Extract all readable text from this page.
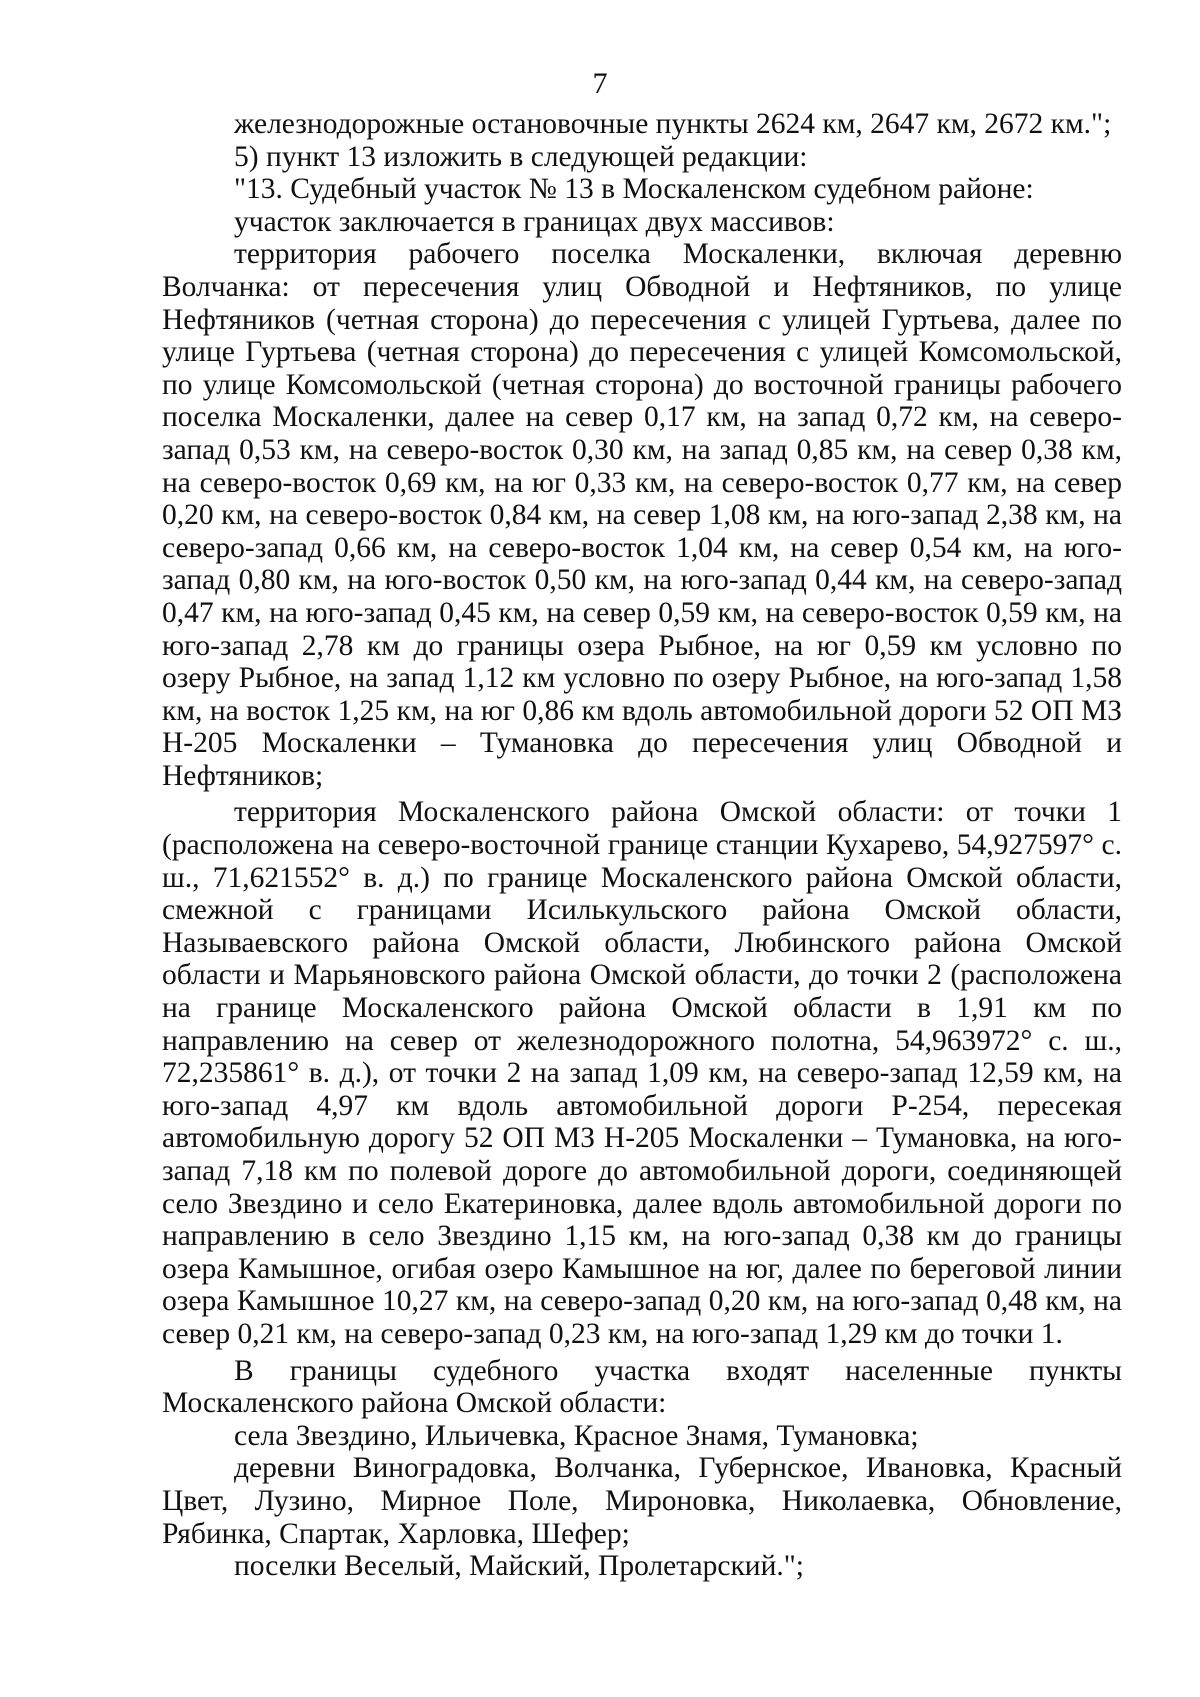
7

железнодорожные остановочные пункты 2624 км, 2647 км, 2672 км.";

5) пункт 13 изложить в следующей редакции:

"13. Судебный участок № 13 в Москаленском судебном районе:

участок заключается в границах двух массивов:

территория рабочего поселка Москаленки, включая деревню Волчанка: от пересечения улиц Обводной и Нефтяников, по улице Нефтяников (четная сторона) до пересечения с улицей Гуртьева, далее по улице Гуртьева (четная сторона) до пересечения с улицей Комсомольской, по улице Комсомольской (четная сторона) до восточной границы рабочего поселка Москаленки, далее на север 0,17 км, на запад 0,72 км, на северо-запад 0,53 км, на северо-восток 0,30 км, на запад 0,85 км, на север 0,38 км, на северо-восток 0,69 км, на юг 0,33 км, на северо-восток 0,77 км, на север 0,20 км, на северо-восток 0,84 км, на север 1,08 км, на юго-запад 2,38 км, на северо-запад 0,66 км, на северо-восток 1,04 км, на север 0,54 км, на юго-запад 0,80 км, на юго-восток 0,50 км, на юго-запад 0,44 км, на северо-запад 0,47 км, на юго-запад 0,45 км, на север 0,59 км, на северо-восток 0,59 км, на юго-запад 2,78 км до границы озера Рыбное, на юг 0,59 км условно по озеру Рыбное, на запад 1,12 км условно по озеру Рыбное, на юго-запад 1,58 км, на восток 1,25 км, на юг 0,86 км вдоль автомобильной дороги 52 ОП МЗ Н-205 Москаленки – Тумановка до пересечения улиц Обводной и Нефтяников;

территория Москаленского района Омской области: от точки 1 (расположена на северо-восточной границе станции Кухарево, 54,927597° с. ш., 71,621552° в. д.) по границе Москаленского района Омской области, смежной с границами Исилькульского района Омской области, Называевского района Омской области, Любинского района Омской области и Марьяновского района Омской области, до точки 2 (расположена на границе Москаленского района Омской области в 1,91 км по направлению на север от железнодорожного полотна, 54,963972° с. ш., 72,235861° в. д.), от точки 2 на запад 1,09 км, на северо-запад 12,59 км, на юго-запад 4,97 км вдоль автомобильной дороги Р-254, пересекая автомобильную дорогу 52 ОП МЗ Н-205 Москаленки – Тумановка, на юго-запад 7,18 км по полевой дороге до автомобильной дороги, соединяющей село Звездино и село Екатериновка, далее вдоль автомобильной дороги по направлению в село Звездино 1,15 км, на юго-запад 0,38 км до границы озера Камышное, огибая озеро Камышное на юг, далее по береговой линии озера Камышное 10,27 км, на северо-запад 0,20 км, на юго-запад 0,48 км, на север 0,21 км, на северо-запад 0,23 км, на юго-запад 1,29 км до точки 1.

В границы судебного участка входят населенные пункты Москаленского района Омской области:

села Звездино, Ильичевка, Красное Знамя, Тумановка;

деревни Виноградовка, Волчанка, Губернское, Ивановка, Красный Цвет, Лузино, Мирное Поле, Мироновка, Николаевка, Обновление, Рябинка, Спартак, Харловка, Шефер;

поселки Веселый, Майский, Пролетарский.";
